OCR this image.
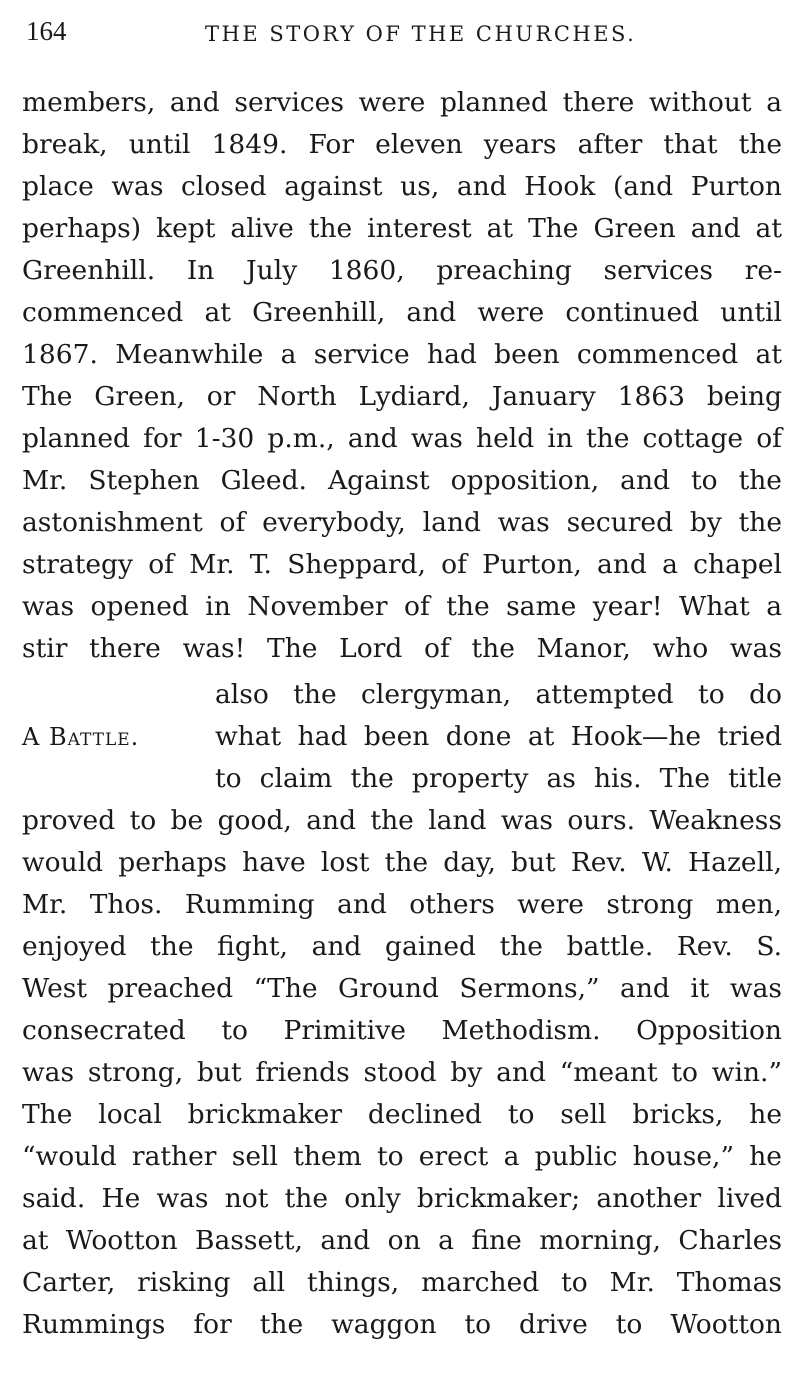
164	THE STORY OF THE CHURCHES.
A Battle.
members, and services were planned there without a
break, until 1849. For eleven years after that the
place was closed against us, and Hook (and Purton
perhaps) kept alive the interest at The Green and at
Greenhill. In July 1860, preaching services re-
commenced at Greenhill, and were continued until
1867. Meanwhile a service had been commenced at
The Green, or North Lydiard, January 1863 being
planned for 1-30 p.m., and was held in the cottage of
Mr. Stephen Gleed. Against opposition, and to the
astonishment of everybody, land was secured by the
strategy of Mr. T. Sheppard, of Purton, and a chapel
was opened in November of the same year! What a
stir there was! The Lord of the Manor, who was
also the clergyman, attempted to do
what had been done at Hook—he tried
to claim the property as his. The title
proved to be good, and the land was ours. Weakness
would perhaps have lost the day, but Rev. W. Hazell,
Mr. Thos. Rumming and others were strong men,
enjoyed the fight, and gained the battle. Rev. S.
West preached “The Ground Sermons,” and it was
consecrated to Primitive Methodism. Opposition
was strong, but friends stood by and “meant to win.”
The local brickmaker declined to sell bricks, he
“would rather sell them to erect a public house,” he
said. He was not the only brickmaker; another lived
at Wootton Bassett, and on a fine morning, Charles
Carter, risking all things, marched to Mr. Thomas
Rummings for the waggon to drive to Wootton
